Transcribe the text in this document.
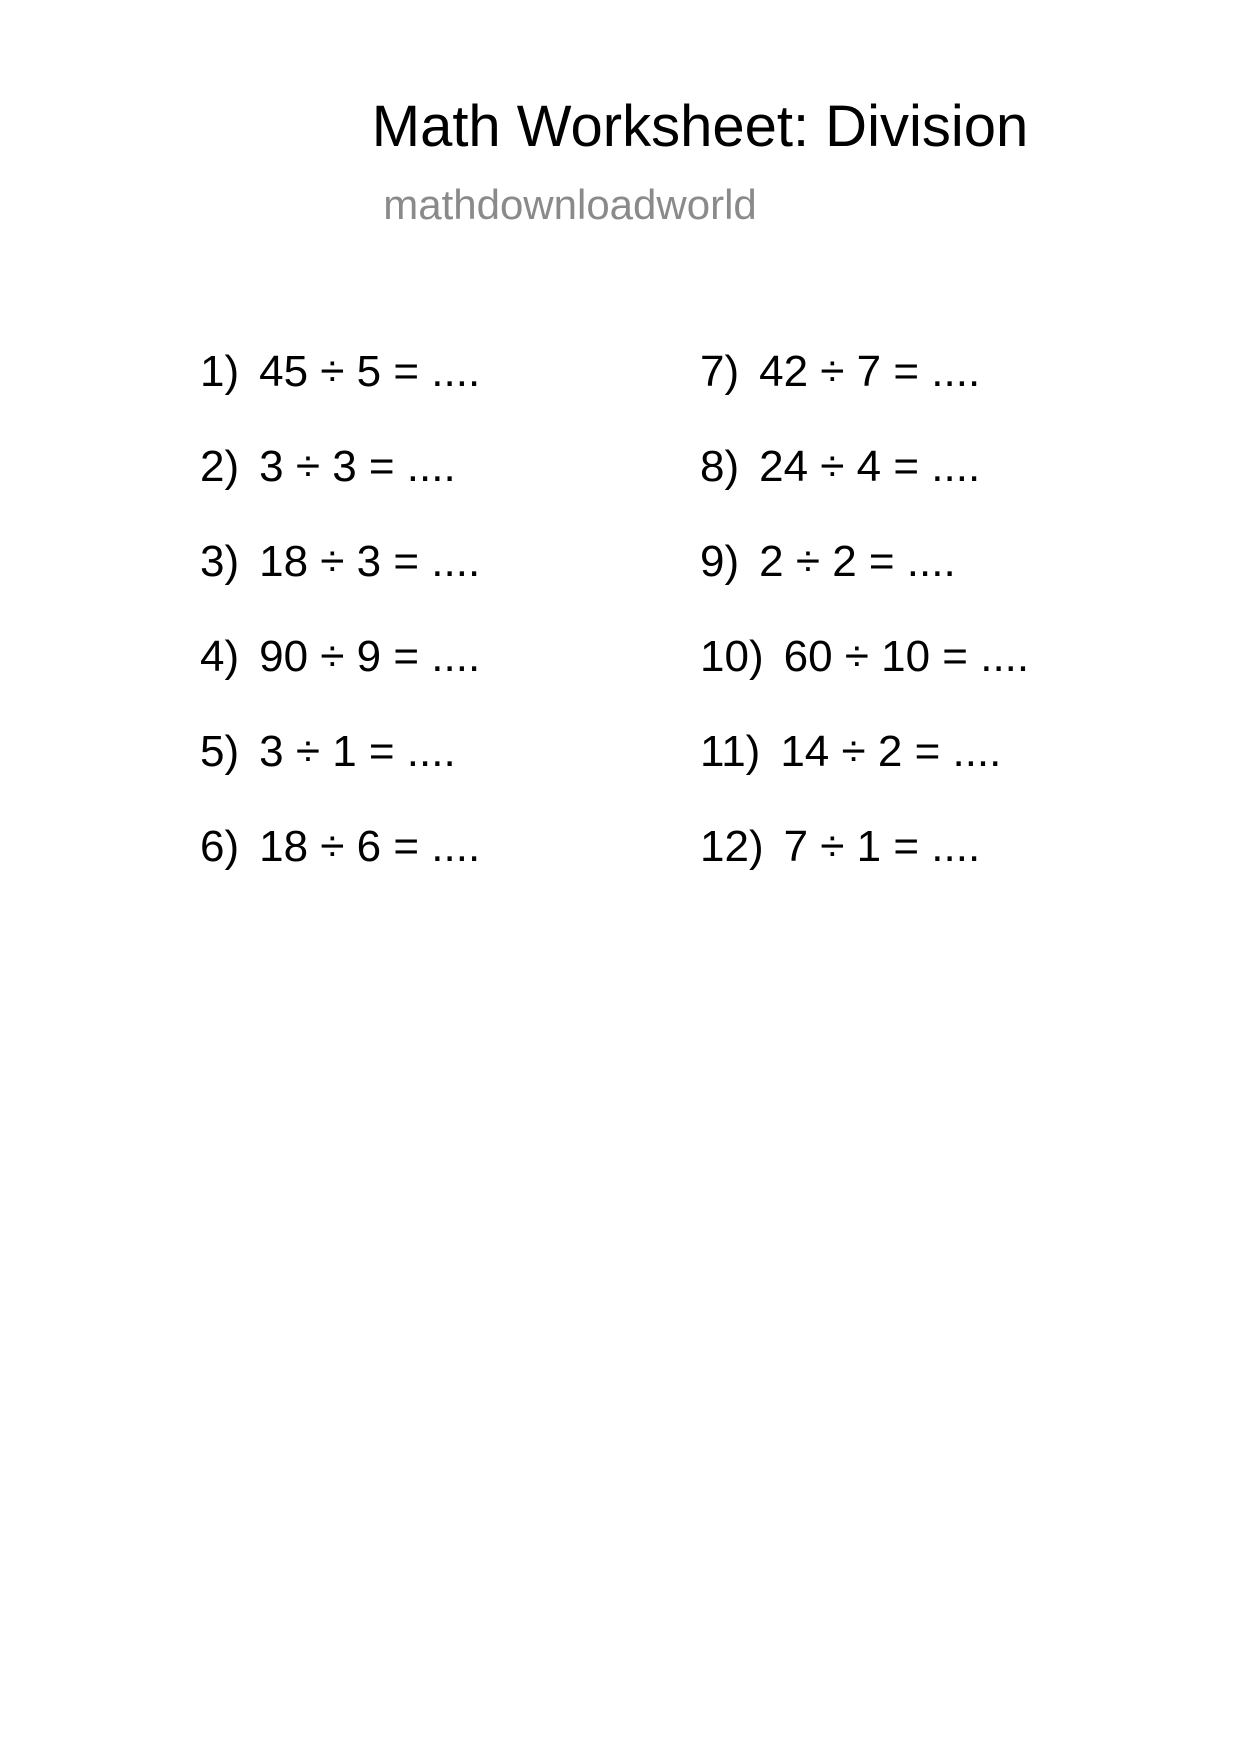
Math Worksheet: Division
mathdownloadworld
1) 45 ÷ 5 = ....
2) 3 ÷ 3 = ....
3) 18 ÷ 3 = ....
4) 90 ÷ 9 = ....
5) 3 ÷ 1 = ....
6) 18 ÷ 6 = ....
7) 42 ÷ 7 = ....
8) 24 ÷ 4 = ....
9) 2 ÷ 2 = ....
10) 60 ÷ 10 = ....
11) 14 ÷ 2 = ....
12) 7 ÷ 1 = ....
